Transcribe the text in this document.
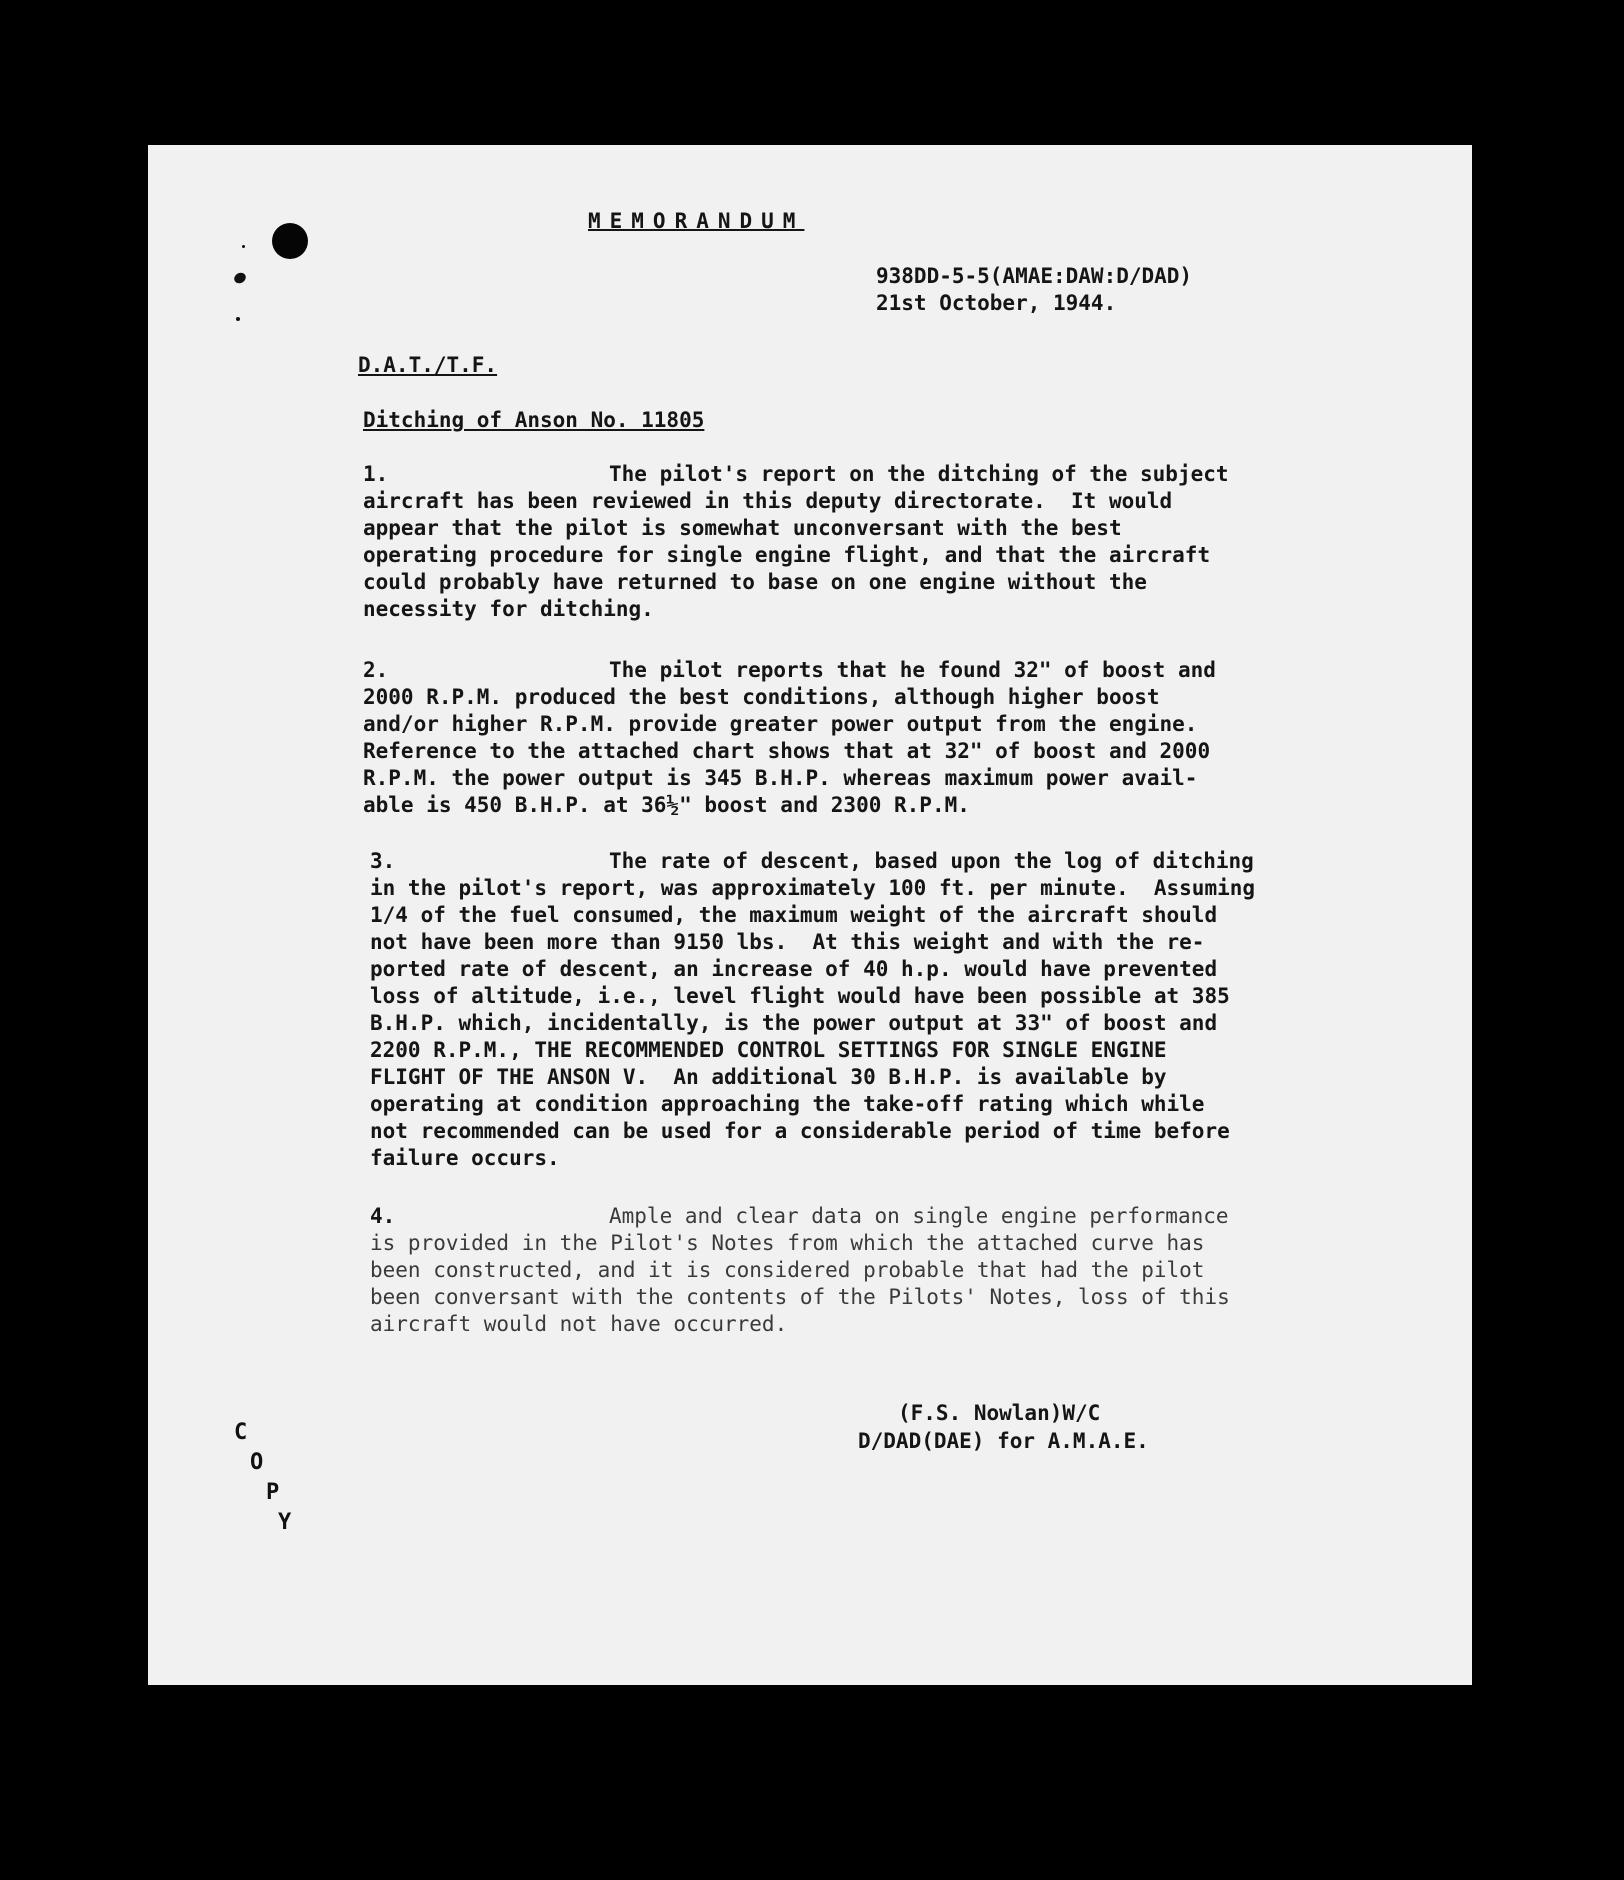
MEMORANDUM
938DD-5-5(AMAE:DAW:D/DAD)
21st October, 1944.
D.A.T./T.F.
Ditching of Anson No. 11805

1.

	The pilot's report on the ditching of the subject

aircraft has been reviewed in this deputy directorate.  It would

appear that the pilot is somewhat unconversant with the best

operating procedure for single engine flight, and that the aircraft

could probably have returned to base on one engine without the

necessity for ditching.

2.

	The pilot reports that he found 32" of boost and

2000 R.P.M. produced the best conditions, although higher boost

and/or higher R.P.M. provide greater power output from the engine.

Reference to the attached chart shows that at 32" of boost and 2000

R.P.M. the power output is 345 B.H.P. whereas maximum power avail-

able is 450 B.H.P. at 36½" boost and 2300 R.P.M.

3.

	The rate of descent, based upon the log of ditching

in the pilot's report, was approximately 100 ft. per minute.  Assuming

1/4 of the fuel consumed, the maximum weight of the aircraft should

not have been more than 9150 lbs.  At this weight and with the re-

ported rate of descent, an increase of 40 h.p. would have prevented

loss of altitude, i.e., level flight would have been possible at 385

B.H.P. which, incidentally, is the power output at 33" of boost and

2200 R.P.M., THE RECOMMENDED CONTROL SETTINGS FOR SINGLE ENGINE

FLIGHT OF THE ANSON V.  An additional 30 B.H.P. is available by

operating at condition approaching the take-off rating which while

not recommended can be used for a considerable period of time before

failure occurs.

4.

	Ample and clear data on single engine performance

is provided in the Pilot's Notes from which the attached curve has

been constructed, and it is considered probable that had the pilot

been conversant with the contents of the Pilots' Notes, loss of this

aircraft would not have occurred.

(F.S. Nowlan)W/C
D/DAD(DAE) for A.M.A.E.
C
O
P
Y
